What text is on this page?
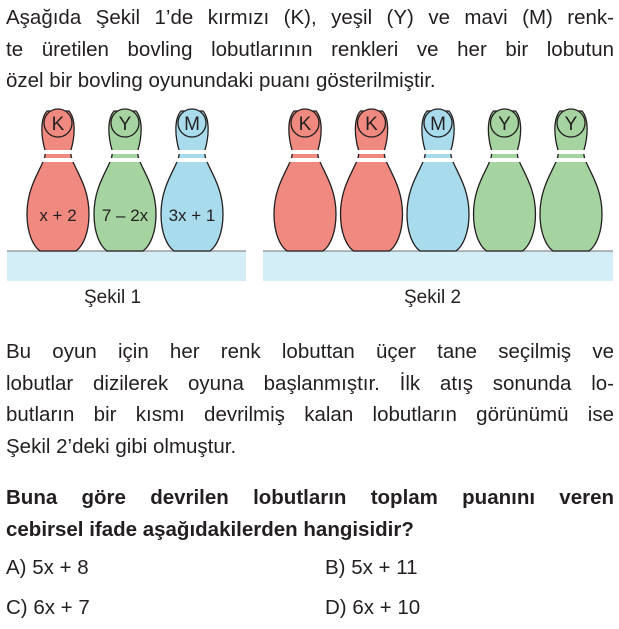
Aşağıda Şekil 1’de kırmızı (K), yeşil (Y) ve mavi (M) renk-
te üretilen bovling lobutlarının renkleri ve her bir lobutun
özel bir bovling oyunundaki puanı gösterilmiştir.
K
x + 2
Y
7 – 2x
M
3x + 1
K	K	M	Y	Y
Şekil 1	Şekil 2
Bu oyun için her renk lobuttan üçer tane seçilmiş ve
lobutlar dizilerek oyuna başlanmıştır. İlk atış sonunda lo-
butların bir kısmı devrilmiş kalan lobutların görünümü ise
Şekil 2’deki gibi olmuştur.
Buna göre devrilen lobutların toplam puanını veren
cebirsel ifade aşağıdakilerden hangisidir?
A) 5x + 8	B) 5x + 11
C) 6x + 7	D) 6x + 10
